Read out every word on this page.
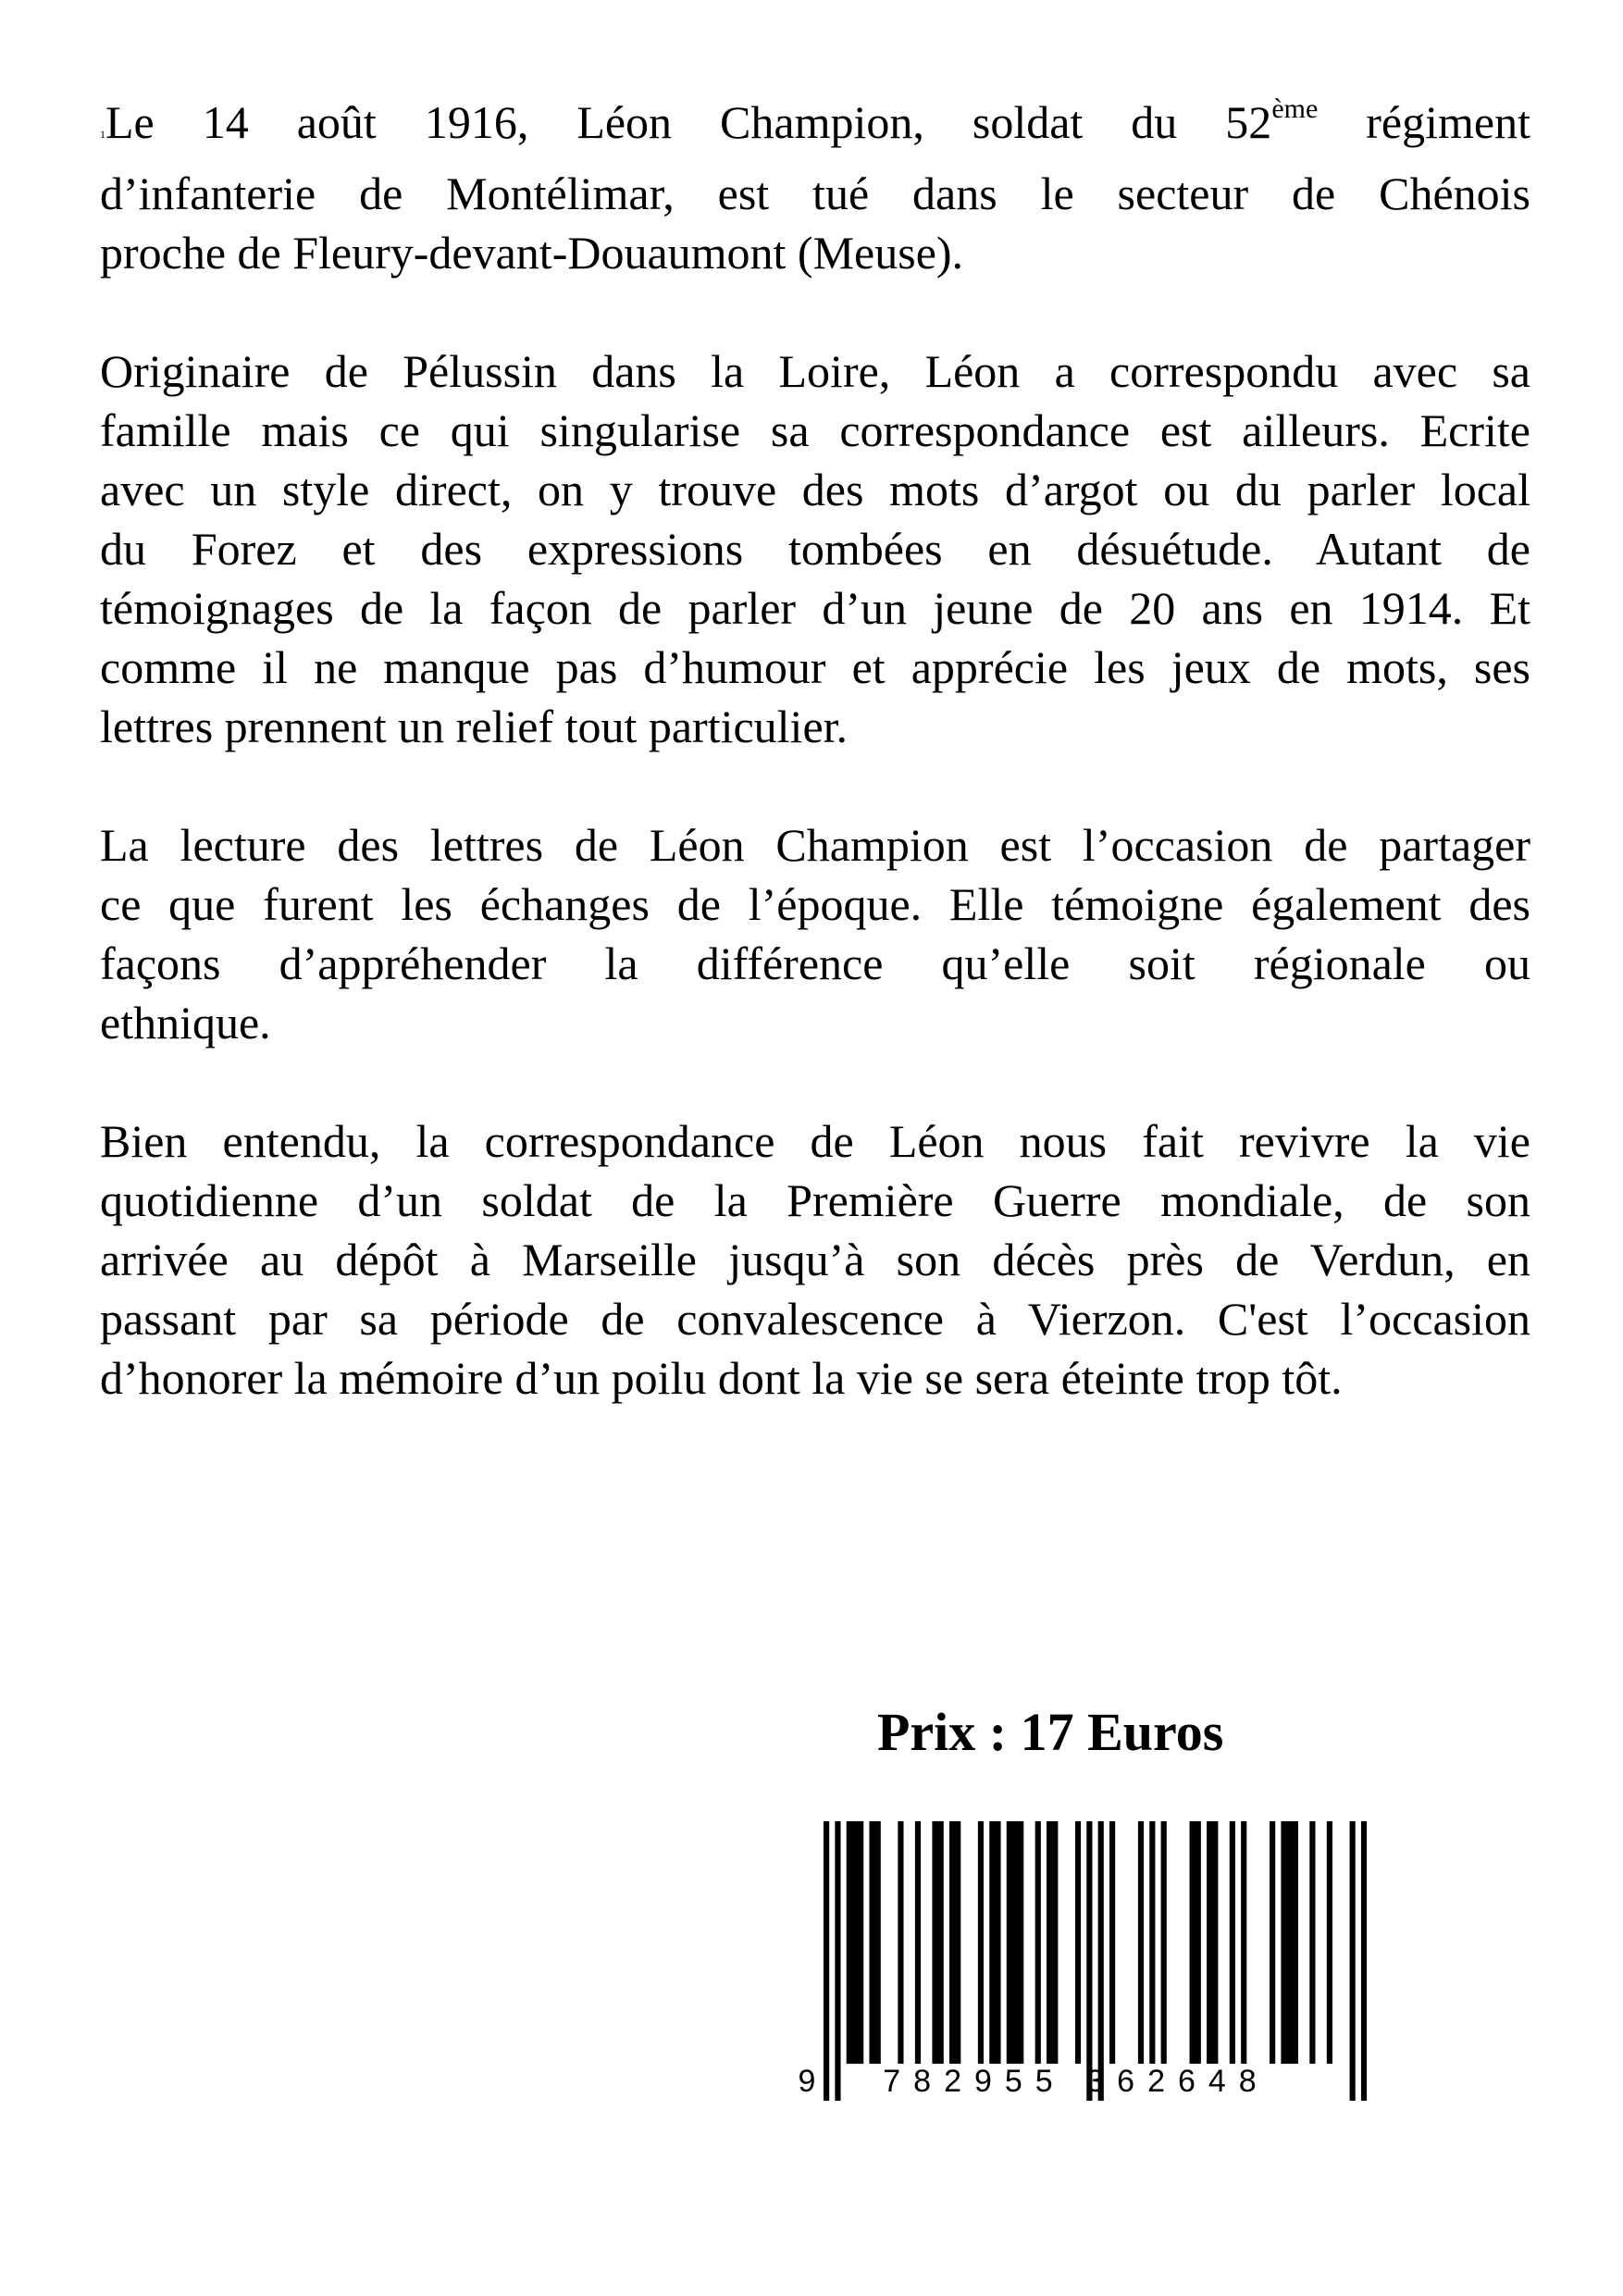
1Le 14 août 1916, Léon Champion, soldat du 52ème régiment
d’infanterie de Montélimar, est tué dans le secteur de Chénois
proche de Fleury-devant-Douaumont (Meuse).

Originaire de Pélussin dans la Loire, Léon a correspondu avec sa
famille mais ce qui singularise sa correspondance est ailleurs. Ecrite
avec un style direct, on y trouve des mots d’argot ou du parler local
du Forez et des expressions tombées en désuétude. Autant de
témoignages de la façon de parler d’un jeune de 20 ans en 1914. Et
comme il ne manque pas d’humour et apprécie les jeux de mots, ses
lettres prennent un relief tout particulier.

La lecture des lettres de Léon Champion est l’occasion de partager
ce que furent les échanges de l’époque. Elle témoigne également des
façons d’appréhender la différence qu’elle soit régionale ou
ethnique.

Bien entendu, la correspondance de Léon nous fait revivre la vie
quotidienne d’un soldat de la Première Guerre mondiale, de son
arrivée au dépôt à Marseille jusqu’à son décès près de Verdun, en
passant par sa période de convalescence à Vierzon. C'est l’occasion
d’honorer la mémoire d’un poilu dont la vie se sera éteinte trop tôt.

Prix : 17 Euros
9 782955 362648
